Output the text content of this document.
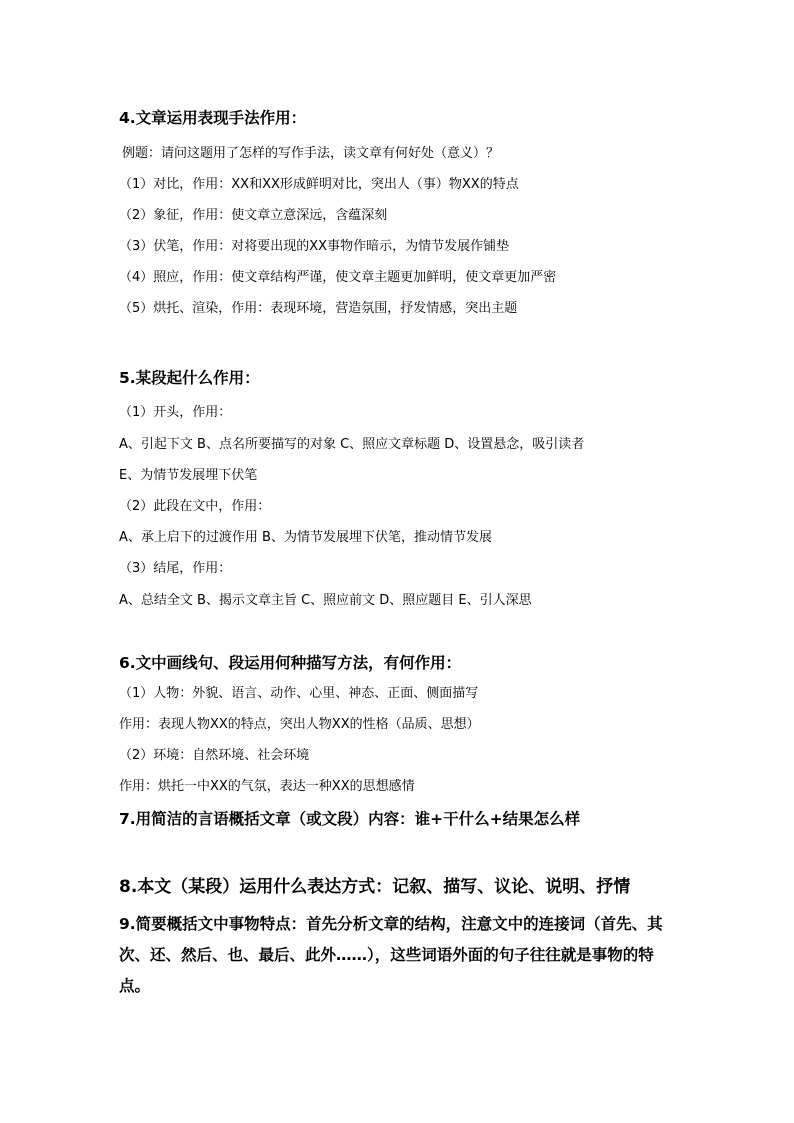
4.文章运用表现手法作用：
例题：请问这题用了怎样的写作手法，读文章有何好处（意义）？
（1）对比，作用：XX和XX形成鲜明对比，突出人（事）物XX的特点
（2）象征，作用：使文章立意深远，含蕴深刻
（3）伏笔，作用：对将要出现的XX事物作暗示，为情节发展作铺垫
（4）照应，作用：使文章结构严谨，使文章主题更加鲜明，使文章更加严密
（5）烘托、渲染，作用：表现环境，营造氛围，抒发情感，突出主题
5.某段起什么作用：
（1）开头，作用：
A、引起下文 B、点名所要描写的对象 C、照应文章标题 D、设置悬念，吸引读者
E、为情节发展埋下伏笔
（2）此段在文中，作用：
A、承上启下的过渡作用 B、为情节发展埋下伏笔，推动情节发展
（3）结尾，作用：
A、总结全文 B、揭示文章主旨 C、照应前文 D、照应题目 E、引人深思
6.文中画线句、段运用何种描写方法，有何作用：
（1）人物：外貌、语言、动作、心里、神态、正面、侧面描写
作用：表现人物XX的特点，突出人物XX的性格（品质、思想）
（2）环境：自然环境、社会环境
作用：烘托一中XX的气氛，表达一种XX的思想感情
7.用简洁的言语概括文章（或文段）内容：谁+干什么+结果怎么样
8.本文（某段）运用什么表达方式：记叙、描写、议论、说明、抒情
9.简要概括文中事物特点：首先分析文章的结构，注意文中的连接词（首先、其次、还、然后、也、最后、此外……），这些词语外面的句子往往就是事物的特点。
